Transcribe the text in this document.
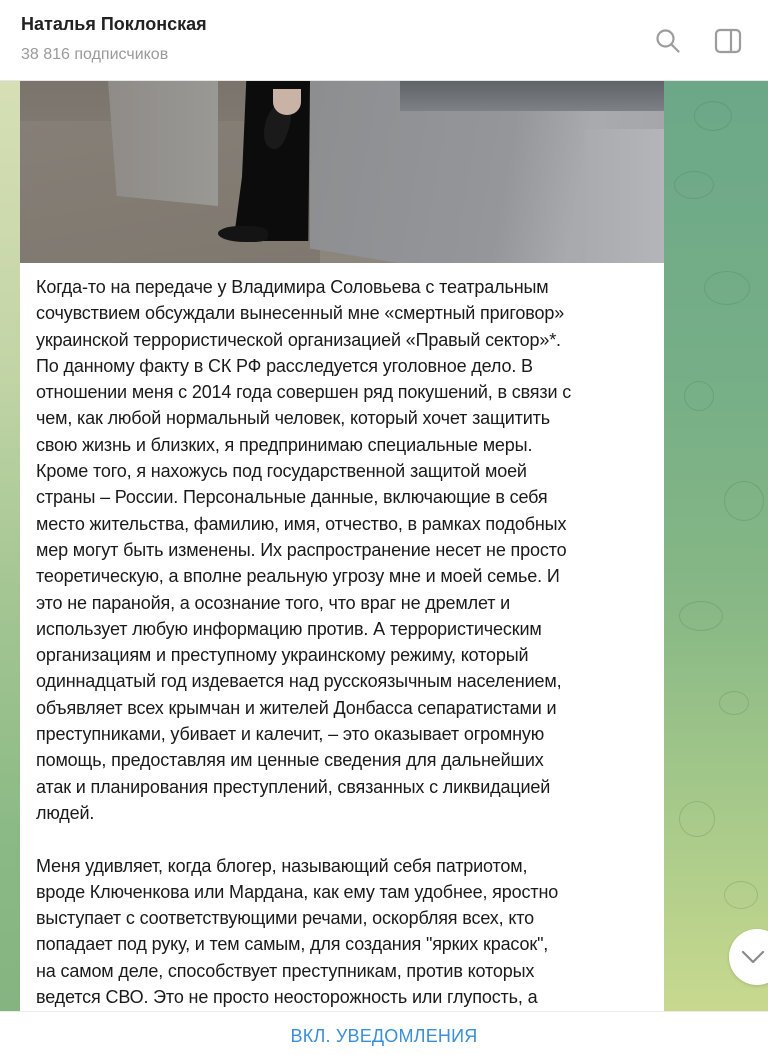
Наталья Поклонская
38 816 подписчиков

Когда-то на передаче у Владимира Соловьева с театральным
сочувствием обсуждали вынесенный мне «смертный приговор»
украинской террористической организацией «Правый сектор»*.
По данному факту в СК РФ расследуется уголовное дело. В
отношении меня с 2014 года совершен ряд покушений, в связи с
чем, как любой нормальный человек, который хочет защитить
свою жизнь и близких, я предпринимаю специальные меры.
Кроме того, я нахожусь под государственной защитой моей
страны – России. Персональные данные, включающие в себя
место жительства, фамилию, имя, отчество, в рамках подобных
мер могут быть изменены. Их распространение несет не просто
теоретическую, а вполне реальную угрозу мне и моей семье. И
это не паранойя, а осознание того, что враг не дремлет и
использует любую информацию против. А террористическим
организациям и преступному украинскому режиму, который
одиннадцатый год издевается над русскоязычным населением,
объявляет всех крымчан и жителей Донбасса сепаратистами и
преступниками, убивает и калечит, – это оказывает огромную
помощь, предоставляя им ценные сведения для дальнейших
атак и планирования преступлений, связанных с ликвидацией
людей.

Меня удивляет, когда блогер, называющий себя патриотом,
вроде Ключенкова или Мардана, как ему там удобнее, яростно
выступает с соответствующими речами, оскорбляя всех, кто
попадает под руку, и тем самым, для создания "ярких красок",
на самом деле, способствует преступникам, против которых
ведется СВО. Это не просто неосторожность или глупость, а

ВКЛ. УВЕДОМЛЕНИЯ
